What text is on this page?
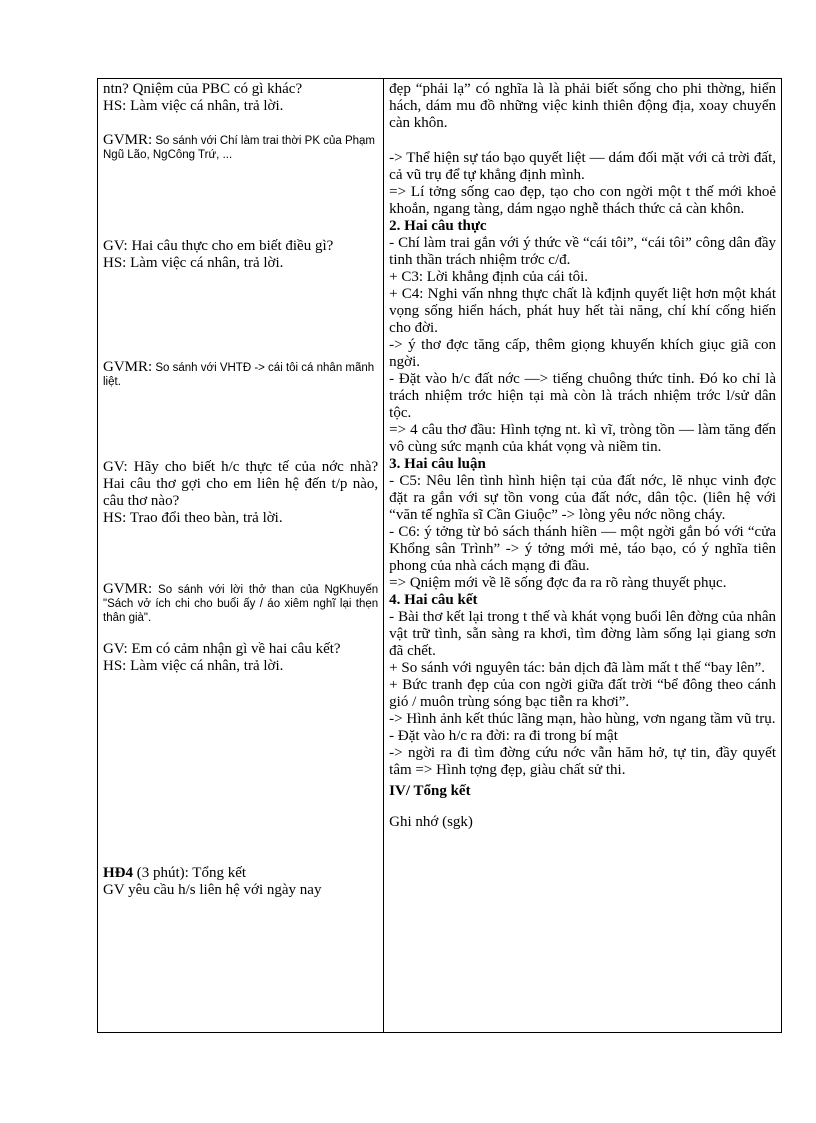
ntn? Qniệm của PBC có gì khác?

HS: Làm việc cá nhân, trả lời.

GVMR: So sánh với Chí làm trai thời PK của Phạm Ngũ Lão, NgCông Trứ, ...

GV: Hai câu thực cho em biết điều gì?

HS: Làm việc cá nhân, trả lời.

GVMR: So sánh với VHTĐ -> cái tôi cá nhân mãnh liệt.

GV: Hãy cho biết h/c thực tế của nớc nhà? Hai câu thơ gợi cho em liên hệ đến t/p nào, câu thơ nào?

HS: Trao đổi theo bàn, trả lời.

GVMR: So sánh với lời thở than của NgKhuyến "Sách vở ích chi cho buổi ấy / áo xiêm nghĩ lại thẹn thân già".

GV: Em có cảm nhận gì về hai câu kết?

HS: Làm việc cá nhân, trả lời.

HĐ4 (3 phút): Tổng kết

GV yêu cầu h/s liên hệ với ngày nay

đẹp “phải lạ” có nghĩa là là phải biết sống cho phi thờng, hiển hách, dám mu đồ những việc kinh thiên động địa, xoay chuyển càn khôn.

-> Thể hiện sự táo bạo quyết liệt — dám đối mặt với cả trời đất, cả vũ trụ để tự khẳng định mình.

=> Lí tởng sống cao đẹp, tạo cho con ngời một t thế mới khoẻ khoắn, ngang tàng, dám ngạo nghễ thách thức cả càn khôn.

2. Hai câu thực

- Chí làm trai gắn với ý thức về “cái tôi”, “cái tôi” công dân đầy tinh thần trách nhiệm trớc c/đ.

+ C3: Lời khẳng định của cái tôi.

+ C4: Nghi vấn nhng thực chất là kđịnh quyết liệt hơn một khát vọng sống hiển hách, phát huy hết tài năng, chí khí cống hiến cho đời.

-> ý thơ đợc tăng cấp, thêm giọng khuyến khích giục giã con ngời.

- Đặt vào h/c đất nớc —> tiếng chuông thức tỉnh. Đó ko chỉ là trách nhiệm trớc hiện tại mà còn là trách nhiệm trớc l/sử dân tộc.

=> 4 câu thơ đầu: Hình tợng nt. kì vĩ, tròng tồn — làm tăng đến vô cùng sức mạnh của khát vọng và niềm tin.

3. Hai câu luận

- C5: Nêu lên tình hình hiện tại của đất nớc, lẽ nhục vinh đợc đặt ra gắn với sự tồn vong của đất nớc, dân tộc. (liên hệ với “văn tế nghĩa sĩ Cần Giuộc” -> lòng yêu nớc nồng cháy.

- C6: ý tởng từ bỏ sách thánh hiền — một ngời gắn bó với “cửa Khổng sân Trình” -> ý tởng mới mẻ, táo bạo, có ý nghĩa tiên phong của nhà cách mạng đi đầu.

=> Qniệm mới về lẽ sống đợc đa ra rõ ràng thuyết phục.

4. Hai câu kết

- Bài thơ kết lại trong t thế và khát vọng buổi lên đờng của nhân vật trữ tình, sẵn sàng ra khơi, tìm đờng làm sống lại giang sơn đã chết.

+ So sánh với nguyên tác: bản dịch đã làm mất t thế “bay lên”.

+ Bức tranh đẹp của con ngời giữa đất trời “bể đông theo cánh gió / muôn trùng sóng bạc tiễn ra khơi”.

-> Hình ảnh kết thúc lãng mạn, hào hùng, vơn ngang tầm vũ trụ.

- Đặt vào h/c ra đời: ra đi trong bí mật

-> ngời ra đi tìm đờng cứu nớc vẫn hăm hở, tự tin, đầy quyết tâm => Hình tợng đẹp, giàu chất sử thi.

IV/ Tổng kết

Ghi nhớ (sgk)
